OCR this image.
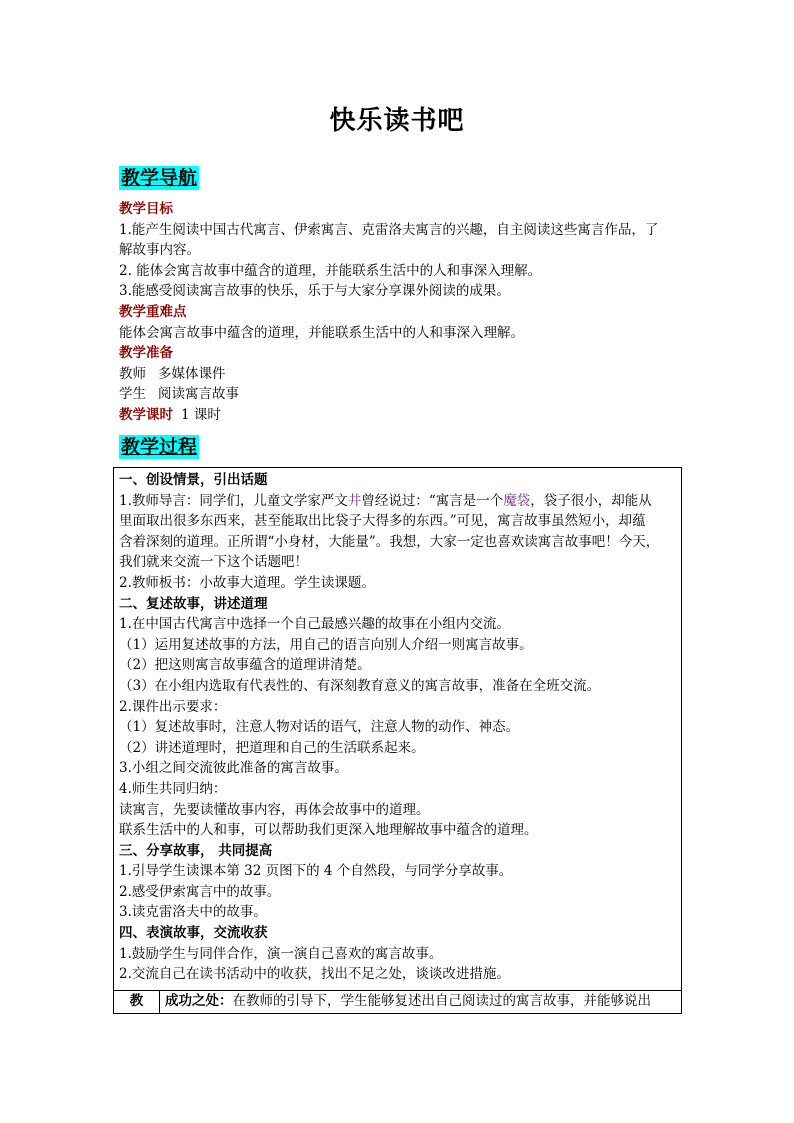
快乐读书吧
教学导航

教学目标

1.能产生阅读中国古代寓言、伊索寓言、克雷洛夫寓言的兴趣，自主阅读这些寓言作品，了

解故事内容。

2. 能体会寓言故事中蕴含的道理，并能联系生活中的人和事深入理解。

3.能感受阅读寓言故事的快乐，乐于与大家分享课外阅读的成果。

教学重难点

能体会寓言故事中蕴含的道理，并能联系生活中的人和事深入理解。

教学准备

教师 多媒体课件

学生 阅读寓言故事

教学课时 1 课时

教学过程

一、创设情景，引出话题

1.教师导言：同学们，儿童文学家严文井曾经说过：“寓言是一个魔袋，袋子很小，却能从

里面取出很多东西来，甚至能取出比袋子大得多的东西。”可见，寓言故事虽然短小，却蕴

含着深刻的道理。正所谓“小身材，大能量”。我想，大家一定也喜欢读寓言故事吧！今天，

我们就来交流一下这个话题吧！

2.教师板书：小故事大道理。学生读课题。

二、复述故事，讲述道理

1.在中国古代寓言中选择一个自己最感兴趣的故事在小组内交流。

（1）运用复述故事的方法，用自己的语言向别人介绍一则寓言故事。

（2）把这则寓言故事蕴含的道理讲清楚。

（3）在小组内选取有代表性的、有深刻教育意义的寓言故事，准备在全班交流。

2.课件出示要求：

（1）复述故事时，注意人物对话的语气，注意人物的动作、神态。

（2）讲述道理时，把道理和自己的生活联系起来。

3.小组之间交流彼此准备的寓言故事。

4.师生共同归纳：

读寓言，先要读懂故事内容，再体会故事中的道理。

联系生活中的人和事，可以帮助我们更深入地理解故事中蕴含的道理。

三、分享故事， 共同提高

1.引导学生读课本第 32 页图下的 4 个自然段，与同学分享故事。

2.感受伊索寓言中的故事。

3.读克雷洛夫中的故事。

四、表演故事，交流收获

1.鼓励学生与同伴合作，演一演自己喜欢的寓言故事。

2.交流自己在读书活动中的收获，找出不足之处，谈谈改进措施。

教	成功之处：在教师的引导下，学生能够复述出自己阅读过的寓言故事，并能够说出
